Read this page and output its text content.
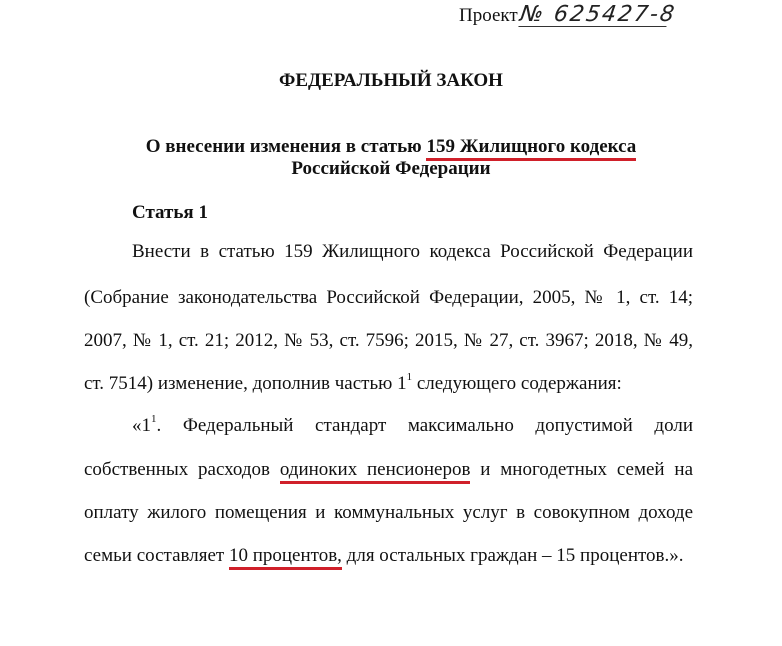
Проект№ 625427-8
ФЕДЕРАЛЬНЫЙ ЗАКОН
О внесении изменения в статью 159 Жилищного кодекса
Российской Федерации
Статья 1
Внести в статью 159 Жилищного кодекса Российской Федерации
(Собрание законодательства Российской Федерации, 2005, № 1, ст. 14;
2007, № 1, ст. 21; 2012, № 53, ст. 7596; 2015, № 27, ст. 3967; 2018, № 49,
ст. 7514) изменение, дополнив частью $1^1$ следующего содержания:
«$1^1$. Федеральный стандарт максимально допустимой доли
собственных расходов одиноких пенсионеров и многодетных семей на
оплату жилого помещения и коммунальных услуг в совокупном доходе
семьи составляет 10 процентов, для остальных граждан – 15 процентов.».
